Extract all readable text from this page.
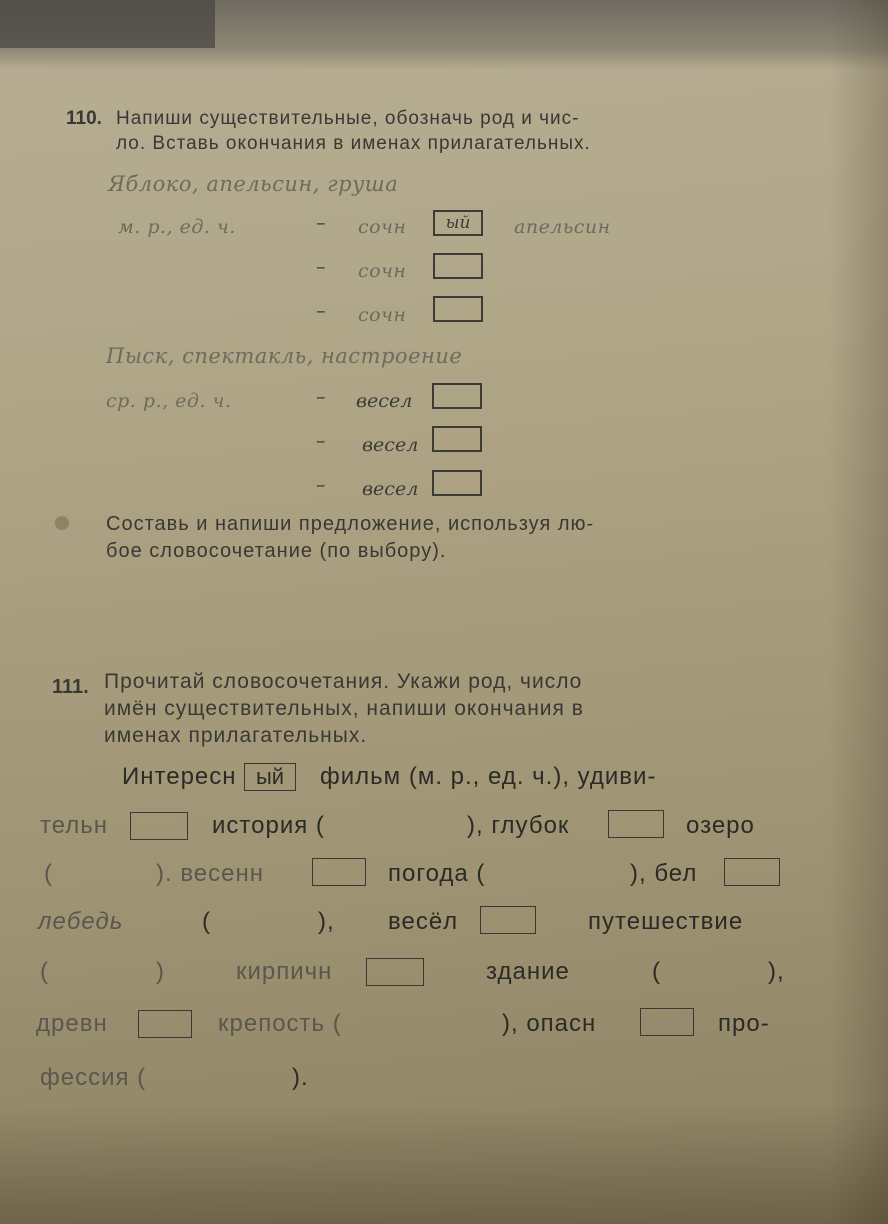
110. Напиши существительные, обозначь род и чис-
ло. Вставь окончания в именах прилагательных.
Яблоко, апельсин, груша
м. р., ед. ч.	– сочн	ый	апельсин
– сочн
– сочн
Пыск, спектакль, настроение
ср. р., ед. ч.	– весел
– весел
– весел
Составь и напиши предложение, используя лю-
бое словосочетание (по выбору).
111. Прочитай словосочетания. Укажи род, число
имён существительных, напиши окончания в
именах прилагательных.
Интересн ый	фильм (м. р., ед. ч.), удиви-
тельн	история (	), глубок	озеро
(	). весенн	погода (	), бел
лебедь	(	), весёл	путешествие
(	)	кирпичн	здание	(	),
древн	крепость (	), опасн	про-
фессия (	).
